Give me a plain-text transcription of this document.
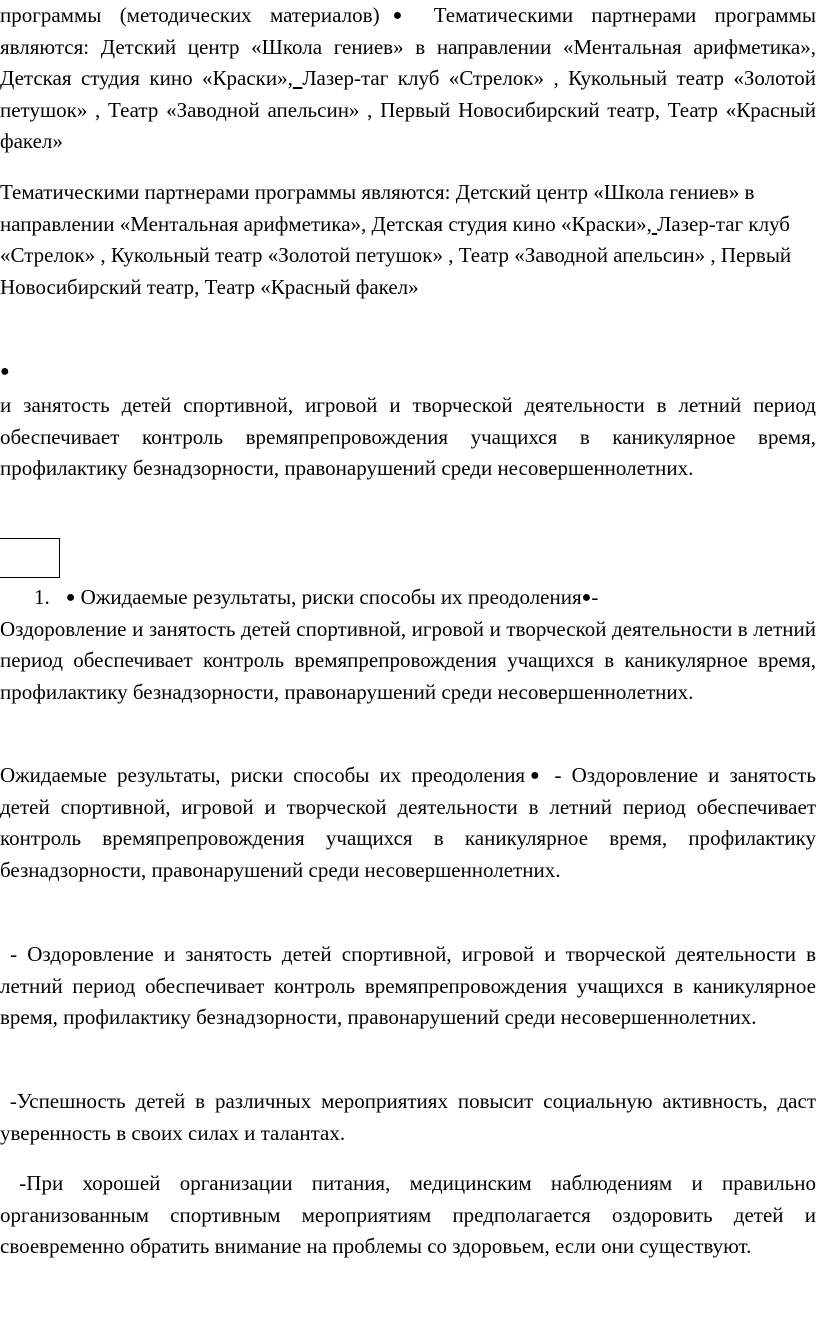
программы (методических материалов)● Тематическими партнерами программы являются: Детский центр «Школа гениев» в направлении «Ментальная арифметика», Детская студия кино «Краски», Лазер-таг клуб «Стрелок» , Кукольный театр «Золотой петушок» , Театр «Заводной апельсин» , Первый Новосибирский театр, Театр «Красный факел»

Тематическими партнерами программы являются: Детский центр «Школа гениев» в направлении «Ментальная арифметика», Детская студия кино «Краски», Лазер-таг клуб «Стрелок» , Кукольный театр «Золотой петушок» , Театр «Заводной апельсин» , Первый Новосибирский театр, Театр «Красный факел»

●

и занятость детей спортивной, игровой и творческой деятельности в летний период обеспечивает контроль времяпрепровождения учащихся в каникулярное время, профилактику безнадзорности, правонарушений среди несовершеннолетних.

1. ● Ожидаемые результаты, риски способы их преодоления●-
Оздоровление и занятость детей спортивной, игровой и творческой деятельности в летний период обеспечивает контроль времяпрепровождения учащихся в каникулярное время, профилактику безнадзорности, правонарушений среди несовершеннолетних.

Ожидаемые результаты, риски способы их преодоления● - Оздоровление и занятость детей спортивной, игровой и творческой деятельности в летний период обеспечивает контроль времяпрепровождения учащихся в каникулярное время, профилактику безнадзорности, правонарушений среди несовершеннолетних.

- Оздоровление и занятость детей спортивной, игровой и творческой деятельности в летний период обеспечивает контроль времяпрепровождения учащихся в каникулярное время, профилактику безнадзорности, правонарушений среди несовершеннолетних.

-Успешность детей в различных мероприятиях повысит социальную активность, даст уверенность в своих силах и талантах.

-При хорошей организации питания, медицинским наблюдениям и правильно организованным спортивным мероприятиям предполагается оздоровить детей и своевременно обратить внимание на проблемы со здоровьем, если они существуют.
